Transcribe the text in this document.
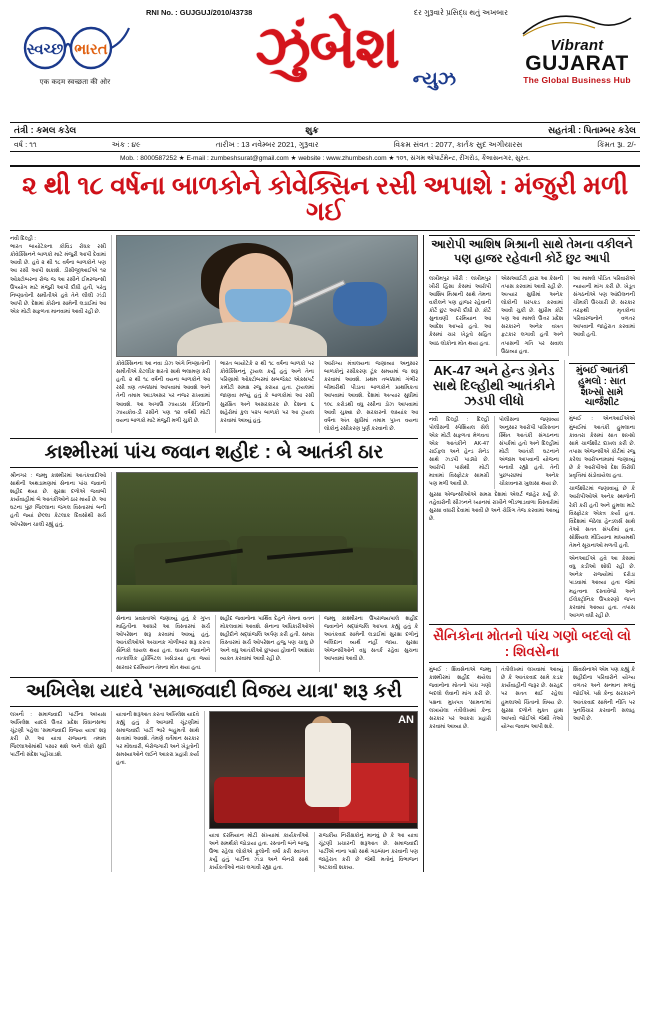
સ્વચ્છ ભારત
एक कदम स्वच्छता की ओर
RNI No. : GUJGUJ/2010/43738	દર ગુરૂવારે પ્રસિદ્ધ થતું અખબાર
ઝુંબેશ ન્યુઝ
Vibrant
GUJARAT
The Global Business Hub
તંત્રી : કમલ કડેલ	શુક્ર	સહતંત્રી : પિતામ્બર કડેલ
વર્ષ : ૧૧	અંક : ૪૯	તારીખ : 13 નવેમ્બર 2021, ગુરૂવાર	વિક્રમ સંવત : 2077, કાર્તક સુદ અગીયારસ	કિંમત રૂા. 2/-
Mob. : 8000587252 ★ E-mail : zumbeshsurat@gmail.com ★ website : www.zhumbesh.com ★ ૧૦૧, સંગમ એપાર્ટમેન્ટ, રીંગરોડ, કૈલાસનગર, સુરત.
૨ થી ૧૮ વર્ષના બાળકોને કોવેક્સિન રસી અપાશે : મંજુરી મળી ગઈ
નવી દિલ્હી :
ભારત બાયોટેકના કોવિડ રોધક રસી કોવેક્સિનને બાળકો માટે મંજુરી આપી દેવામાં આવી છે. હવે ૨ થી ૧૮ વર્ષના બાળકોને પણ આ રસી આપી શકાશે. ડીસીજીઆઈએ ૧૨ ઓક્ટોબરના રોજ જ આ રસીને ઈમરજન્સી ઉપયોગ માટે મંજુરી આપી દીધી હતી, પરંતુ નિષ્ણાતોની સમીતીએ હવે તેને લીલી ઝંડી આપી છે. દેશમાં કોરોના સામેની લડાઈમાં આ એક મોટી સફળતા માનવામાં આવી રહી છે.
કોવેક્સિનના આ નવા ડોઝ અંગે નિષ્ણાતોની સમીતીએ કેટલીક શરતો સાથે ભલામણ કરી હતી. ૨ થી ૧૮ વર્ષની વયના બાળકોને આ રસી ત્રણ તબક્કામાં આપવામાં આવશે અને તેની તમામ આડઅસર પર નજર રાખવામાં આવશે. આ અગાઉ ઝાયડસ કેડિલાની ઝાયકોવ-ડી રસીને પણ ૧૨ વર્ષથી મોટી વયના બાળકો માટે મંજુરી મળી ચુકી છે.
ભારત બાયોટેકે ૨ થી ૧૮ વર્ષના બાળકો પર કોવેક્સિનનું ટ્રાયલ કર્યું હતું અને તેના પરિણામો ઓક્ટોબરમાં સબજેક્ટ એક્સપર્ટ કમીટી સમક્ષ રજુ કરાયા હતા. ટ્રાયલમાં જાણવા મળ્યું હતું કે બાળકોમાં આ રસી સુરક્ષિત અને અસરકારક છે. દેશના ૬ શહેરોમાં કુલ ૫૨૫ બાળકો પર આ ટ્રાયલ કરવામાં આવ્યું હતું.
આરોગ્ય મંત્રાલયના જણાવ્યા અનુસાર બાળકોનું રસીકરણ ટૂંક સમયમાં જ શરૂ કરવામાં આવશે. પ્રથમ તબક્કામાં ગંભીર બીમારીથી પીડાતા બાળકોને પ્રાથમિકતા આપવામાં આવશે. દેશમાં અત્યાર સુધીમાં ૧૦૮ કરોડથી વધુ રસીના ડોઝ આપવામાં આવી ચુક્યા છે. સરકારનો લક્ષ્યાંક આ વર્ષના અંત સુધીમાં તમામ પુખ્ત વયના લોકોનું રસીકરણ પુર્ણ કરવાનો છે.
કાશ્મીરમાં પાંચ જવાન શહીદ : બે આતંકી ઠાર
શ્રીનગર : જમ્મુ કાશ્મીરમાં આતંકવાદીઓ સાથેની અથડામણમાં સેનાના પાંચ જવાનો શહીદ થયા છે. સુરક્ષા દળોએ જવાબી કાર્યવાહીમાં બે આતંકીઓને ઠાર માર્યા છે. આ ઘટના પુંછ જિલ્લાના જંગલ વિસ્તારમાં બની હતી જ્યાં છેલ્લા કેટલાક દિવસોથી સર્ચ ઓપરેશન ચાલી રહ્યું હતું.
સેનાના પ્રવક્તાએ જણાવ્યું હતું કે ગુપ્ત માહિતીના આધારે આ વિસ્તારમાં સર્ચ ઓપરેશન શરૂ કરવામાં આવ્યું હતું. આતંકીઓએ અચાનક ગોળીબાર શરૂ કરતા સૈનિકો ઘાયલ થયા હતા. ઘાયલ જવાનોને તાત્કાલિક હોસ્પિટલ ખસેડાયા હતા જ્યાં સારવાર દરમિયાન તેમના મોત થયા હતા.
શહીદ જવાનોના પાર્થિવ દેહને તેમના વતન મોકલવામાં આવશે. સેનાના અધિકારીઓએ શહીદોને શ્રદ્ધાંજલિ અર્પણ કરી હતી. સમગ્ર વિસ્તારમાં સર્ચ ઓપરેશન હજુ પણ ચાલુ છે અને વધુ આતંકીઓ છુપાયા હોવાની આશંકા વ્યક્ત કરવામાં આવી રહી છે.
જમ્મુ કાશ્મીરના ઉપરાજ્યપાલે શહીદ જવાનોને શ્રદ્ધાંજલિ આપતા કહ્યું હતું કે આતંકવાદ સામેની લડાઈમાં સુરક્ષા દળોનું બલિદાન વ્યર્થ નહીં જાય. સુરક્ષા એજન્સીઓને વધુ સતર્ક રહેવા સુચના આપવામાં આવી છે.
અખિલેશ યાદવે 'સમાજવાદી વિજય યાત્રા' શરૂ કરી
લખનૌ : સમાજવાદી પાર્ટીના અધ્યક્ષ અખિલેશ યાદવે ઉત્તર પ્રદેશ વિધાનસભા ચૂંટણી પહેલા 'સમાજવાદી વિજય યાત્રા' શરૂ કરી છે. આ યાત્રા રાજ્યના તમામ જિલ્લાઓમાંથી પસાર થશે અને લોકો સુધી પાર્ટીનો સંદેશ પહોંચાડશે.
યાત્રાની શરૂઆત કરતા અખિલેશ યાદવે કહ્યું હતું કે આગામી ચૂંટણીમાં સમાજવાદી પાર્ટી ભારે બહુમતી સાથે સત્તામાં આવશે. તેમણે વર્તમાન સરકાર પર મોંઘવારી, બેરોજગારી અને ખેડૂતોની સમસ્યાઓને લઈને આકરા પ્રહારો કર્યા હતા.
AN
યાત્રા દરમિયાન મોટી સંખ્યામાં કાર્યકર્તાઓ અને સમર્થકો જોડાયા હતા. રસ્તાની બંને બાજુ ઉભા રહેલા લોકોએ ફૂલોની વર્ષા કરી સ્વાગત કર્યું હતું. પાર્ટીના ઝંડા અને બેનરો સાથે કાર્યકર્તાઓ નારા લગાવી રહ્યા હતા.
રાજકીય નિરીક્ષકોનું માનવું છે કે આ યાત્રા ચૂંટણી પ્રચારની શરૂઆત છે. સમાજવાદી પાર્ટીએ નાના પક્ષો સાથે ગઠબંધન કરવાની પણ જાહેરાત કરી છે જેથી મતોનું વિભાજન અટકાવી શકાય.
આરોપી આશિષ મિશ્રાની સાથે તેમના વકીલને પણ હાજર રહેવાની કોર્ટે છુટ આપી
લખીમપુર ખીરી : લખીમપુર ખીરી હિંસા કેસમાં આરોપી આશિષ મિશ્રાની સાથે તેમના વકીલને પણ હાજર રહેવાની કોર્ટે છુટ આપી દીધી છે. કોર્ટે સુનાવણી દરમિયાન આ આદેશ આપ્યો હતો. આ કેસમાં ચાર ખેડૂતો સહિત આઠ લોકોના મોત થયા હતા.
એસઆઈટી દ્વારા આ કેસની તપાસ કરવામાં આવી રહી છે. અત્યાર સુધીમાં અનેક લોકોની ધરપકડ કરવામાં આવી ચુકી છે. સુપ્રીમ કોર્ટે પણ આ મામલે ઉત્તર પ્રદેશ સરકારને અનેક વખત ફટકાર લગાવી હતી અને તપાસની ગતિ પર સવાલ ઉઠાવ્યા હતા.
આ મામલે પીડિત પરિવારોએ ન્યાયની માંગ કરી છે. ખેડૂત સંગઠનોએ પણ આંદોલનની ચીમકી ઉચ્ચારી છે. સરકાર તરફથી મૃતકોના પરિવારજનોને વળતર આપવાની જાહેરાત કરવામાં આવી હતી.
AK-47 અને હેન્ડ ગ્રેનેડ સાથે દિલ્હીથી આતંકીને ઝડપી લીધો
નવી દિલ્હી : દિલ્હી પોલીસની સ્પેશિયલ સેલે એક મોટી સફળતા મેળવતા એક આતંકીને AK-47 રાઈફલ અને હેન્ડ ગ્રેનેડ સાથે ઝડપી પાડ્યો છે. આરોપી પાસેથી મોટી માત્રામાં વિસ્ફોટક સામગ્રી પણ મળી આવી છે.
પોલીસના જણાવ્યા અનુસાર આરોપી પાકિસ્તાન સ્થિત આતંકી સંગઠનના સંપર્કમાં હતો અને દિલ્હીમાં મોટી આતંકી ઘટનાને અંજામ આપવાની યોજના બનાવી રહ્યો હતો. તેની પુછપરછમાં અનેક ચોંકાવનારા ખુલાસા થયા છે.
સુરક્ષા એજન્સીઓએ સમગ્ર દેશમાં એલર્ટ જાહેર કર્યું છે. તહેવારોની સીઝનને ધ્યાનમાં રાખીને ભીડભાડવાળા વિસ્તારોમાં સુરક્ષા વધારી દેવામાં આવી છે અને ચેકિંગ તેજ કરવામાં આવ્યું છે.
મુંબઈ આતંકી હુમલો : સાત શખ્સો સામે ચાર્જશીટ
મુંબઈ : એનઆઈએએ મુંબઈમાં આતંકી હુમલાના કાવતરા કેસમાં સાત શખ્સો સામે ચાર્જશીટ દાખલ કરી છે. તપાસ એજન્સીએ કોર્ટમાં રજુ કરેલા આરોપનામામાં જણાવ્યું છે કે આરોપીઓ દેશ વિરોધી પ્રવૃત્તિમાં સંડોવાયેલા હતા.
ચાર્જશીટમાં જણાવાયું છે કે આરોપીઓએ અનેક સ્થળોની રેકી કરી હતી અને હુમલા માટે વિસ્ફોટક એકત્ર કર્યા હતા. વિદેશમાં બેઠેલા હેન્ડલર્સ સાથે તેઓ સતત સંપર્કમાં હતા. સોશિયલ મીડિયાના માધ્યમથી તેમને સૂચનાઓ મળતી હતી.
એનઆઈએ હવે આ કેસમાં વધુ કડીઓ શોધી રહી છે. અનેક રાજ્યોમાં દરોડા પાડવામાં આવ્યા હતા જેમાં મહત્વના દસ્તાવેજો અને ઈલેક્ટ્રોનિક ઉપકરણો જપ્ત કરવામાં આવ્યા હતા. તપાસ આગળ વધી રહી છે.
સૈનિકોના મોતનો પાંચ ગણો બદલો લો : શિવસેના
મુંબઈ : શિવસેનાએ જમ્મુ કાશ્મીરમાં શહીદ થયેલા જવાનોના મોતનો પાંચ ગણો બદલો લેવાની માંગ કરી છે. પક્ષના મુખપત્ર 'સામના'માં લખાયેલા તંત્રીલેખમાં કેન્દ્ર સરકાર પર આકરા પ્રહારો કરવામાં આવ્યા છે.
તંત્રીલેખમાં લખવામાં આવ્યું છે કે આતંકવાદ સામે કડક કાર્યવાહીની જરૂર છે. સરહદ પર સતત થઈ રહેલા હુમલાઓ ચિંતાનો વિષય છે. સુરક્ષા દળોને મુક્ત હાથ આપવો જોઈએ જેથી તેઓ યોગ્ય જવાબ આપી શકે.
શિવસેનાએ એમ પણ કહ્યું કે શહીદોના પરિવારોને યોગ્ય વળતર અને સન્માન મળવું જોઈએ. પક્ષે કેન્દ્ર સરકારને આતંકવાદ સામેની નીતિ પર પુનર્વિચાર કરવાની સલાહ આપી છે.
